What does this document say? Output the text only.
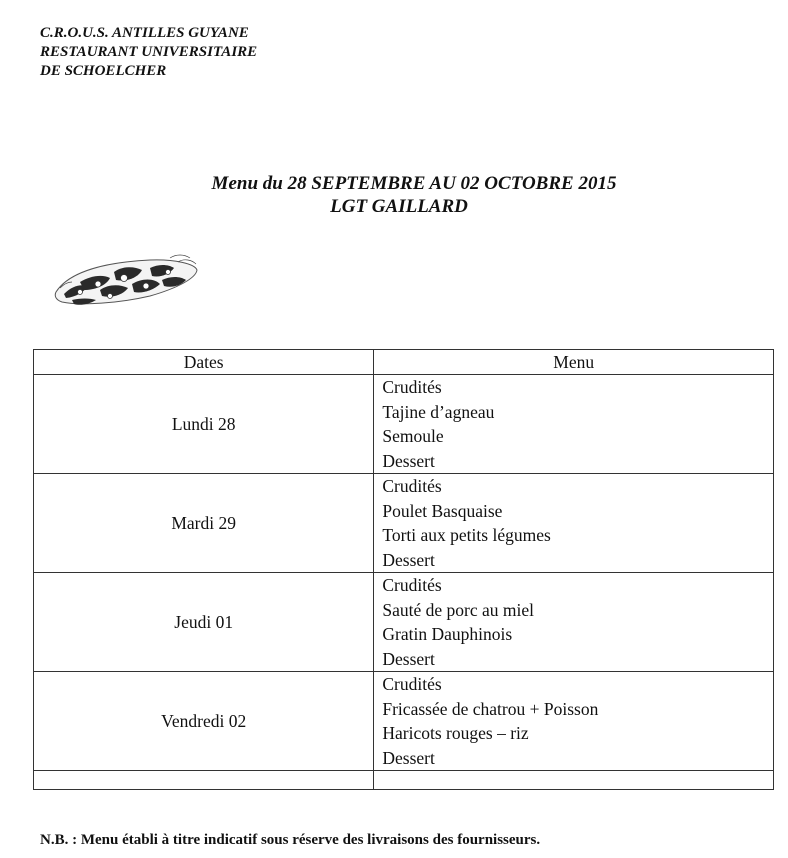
C.R.O.U.S. ANTILLES GUYANE
RESTAURANT UNIVERSITAIRE
DE SCHOELCHER
Menu du 28 SEPTEMBRE AU 02 OCTOBRE 2015
LGT GAILLARD
Dates	Menu
Lundi 28	Crudités
Tajine d’agneau
Semoule
Dessert

Mardi 29	Crudités
Poulet Basquaise
Torti aux petits légumes
Dessert

Jeudi 01	Crudités
Sauté de porc au miel
Gratin Dauphinois
Dessert

Vendredi 02	Crudités
Fricassée de chatrou + Poisson
Haricots rouges – riz
Dessert

N.B. : Menu établi à titre indicatif sous réserve des livraisons des fournisseurs.
